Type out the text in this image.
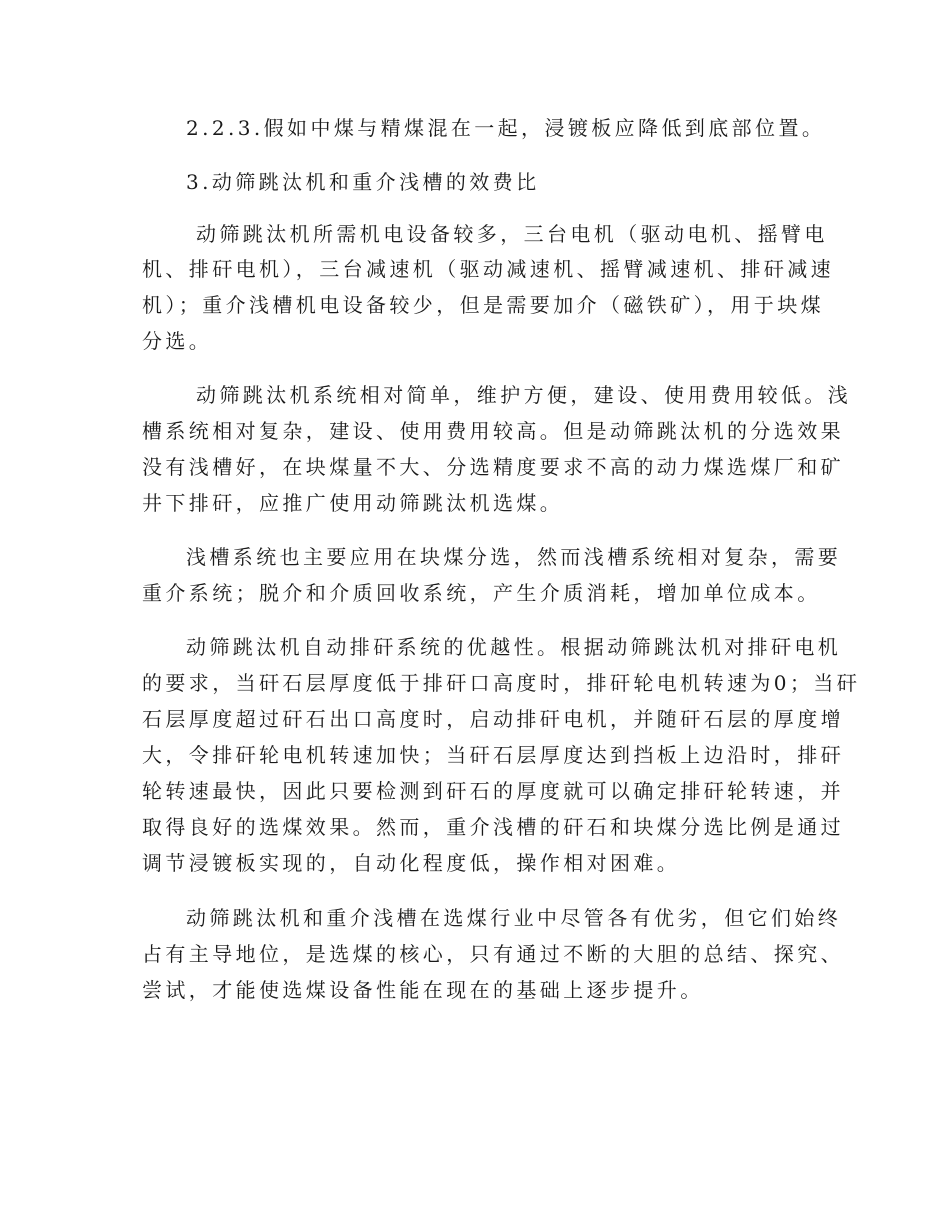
2.2.3.假如中煤与精煤混在一起，浸镀板应降低到底部位置。
3.动筛跳汰机和重介浅槽的效费比
动筛跳汰机所需机电设备较多，三台电机（驱动电机、摇臂电
机、排矸电机），三台减速机（驱动减速机、摇臂减速机、排矸减速
机）；重介浅槽机电设备较少，但是需要加介（磁铁矿），用于块煤
分选。
动筛跳汰机系统相对简单，维护方便，建设、使用费用较低。浅
槽系统相对复杂，建设、使用费用较高。但是动筛跳汰机的分选效果
没有浅槽好，在块煤量不大、分选精度要求不高的动力煤选煤厂和矿
井下排矸，应推广使用动筛跳汰机选煤。
浅槽系统也主要应用在块煤分选，然而浅槽系统相对复杂，需要
重介系统；脱介和介质回收系统，产生介质消耗，增加单位成本。
动筛跳汰机自动排矸系统的优越性。根据动筛跳汰机对排矸电机
的要求，当矸石层厚度低于排矸口高度时，排矸轮电机转速为0；当矸
石层厚度超过矸石出口高度时，启动排矸电机，并随矸石层的厚度增
大，令排矸轮电机转速加快；当矸石层厚度达到挡板上边沿时，排矸
轮转速最快，因此只要检测到矸石的厚度就可以确定排矸轮转速，并
取得良好的选煤效果。然而，重介浅槽的矸石和块煤分选比例是通过
调节浸镀板实现的，自动化程度低，操作相对困难。
动筛跳汰机和重介浅槽在选煤行业中尽管各有优劣，但它们始终
占有主导地位，是选煤的核心，只有通过不断的大胆的总结、探究、
尝试，才能使选煤设备性能在现在的基础上逐步提升。
